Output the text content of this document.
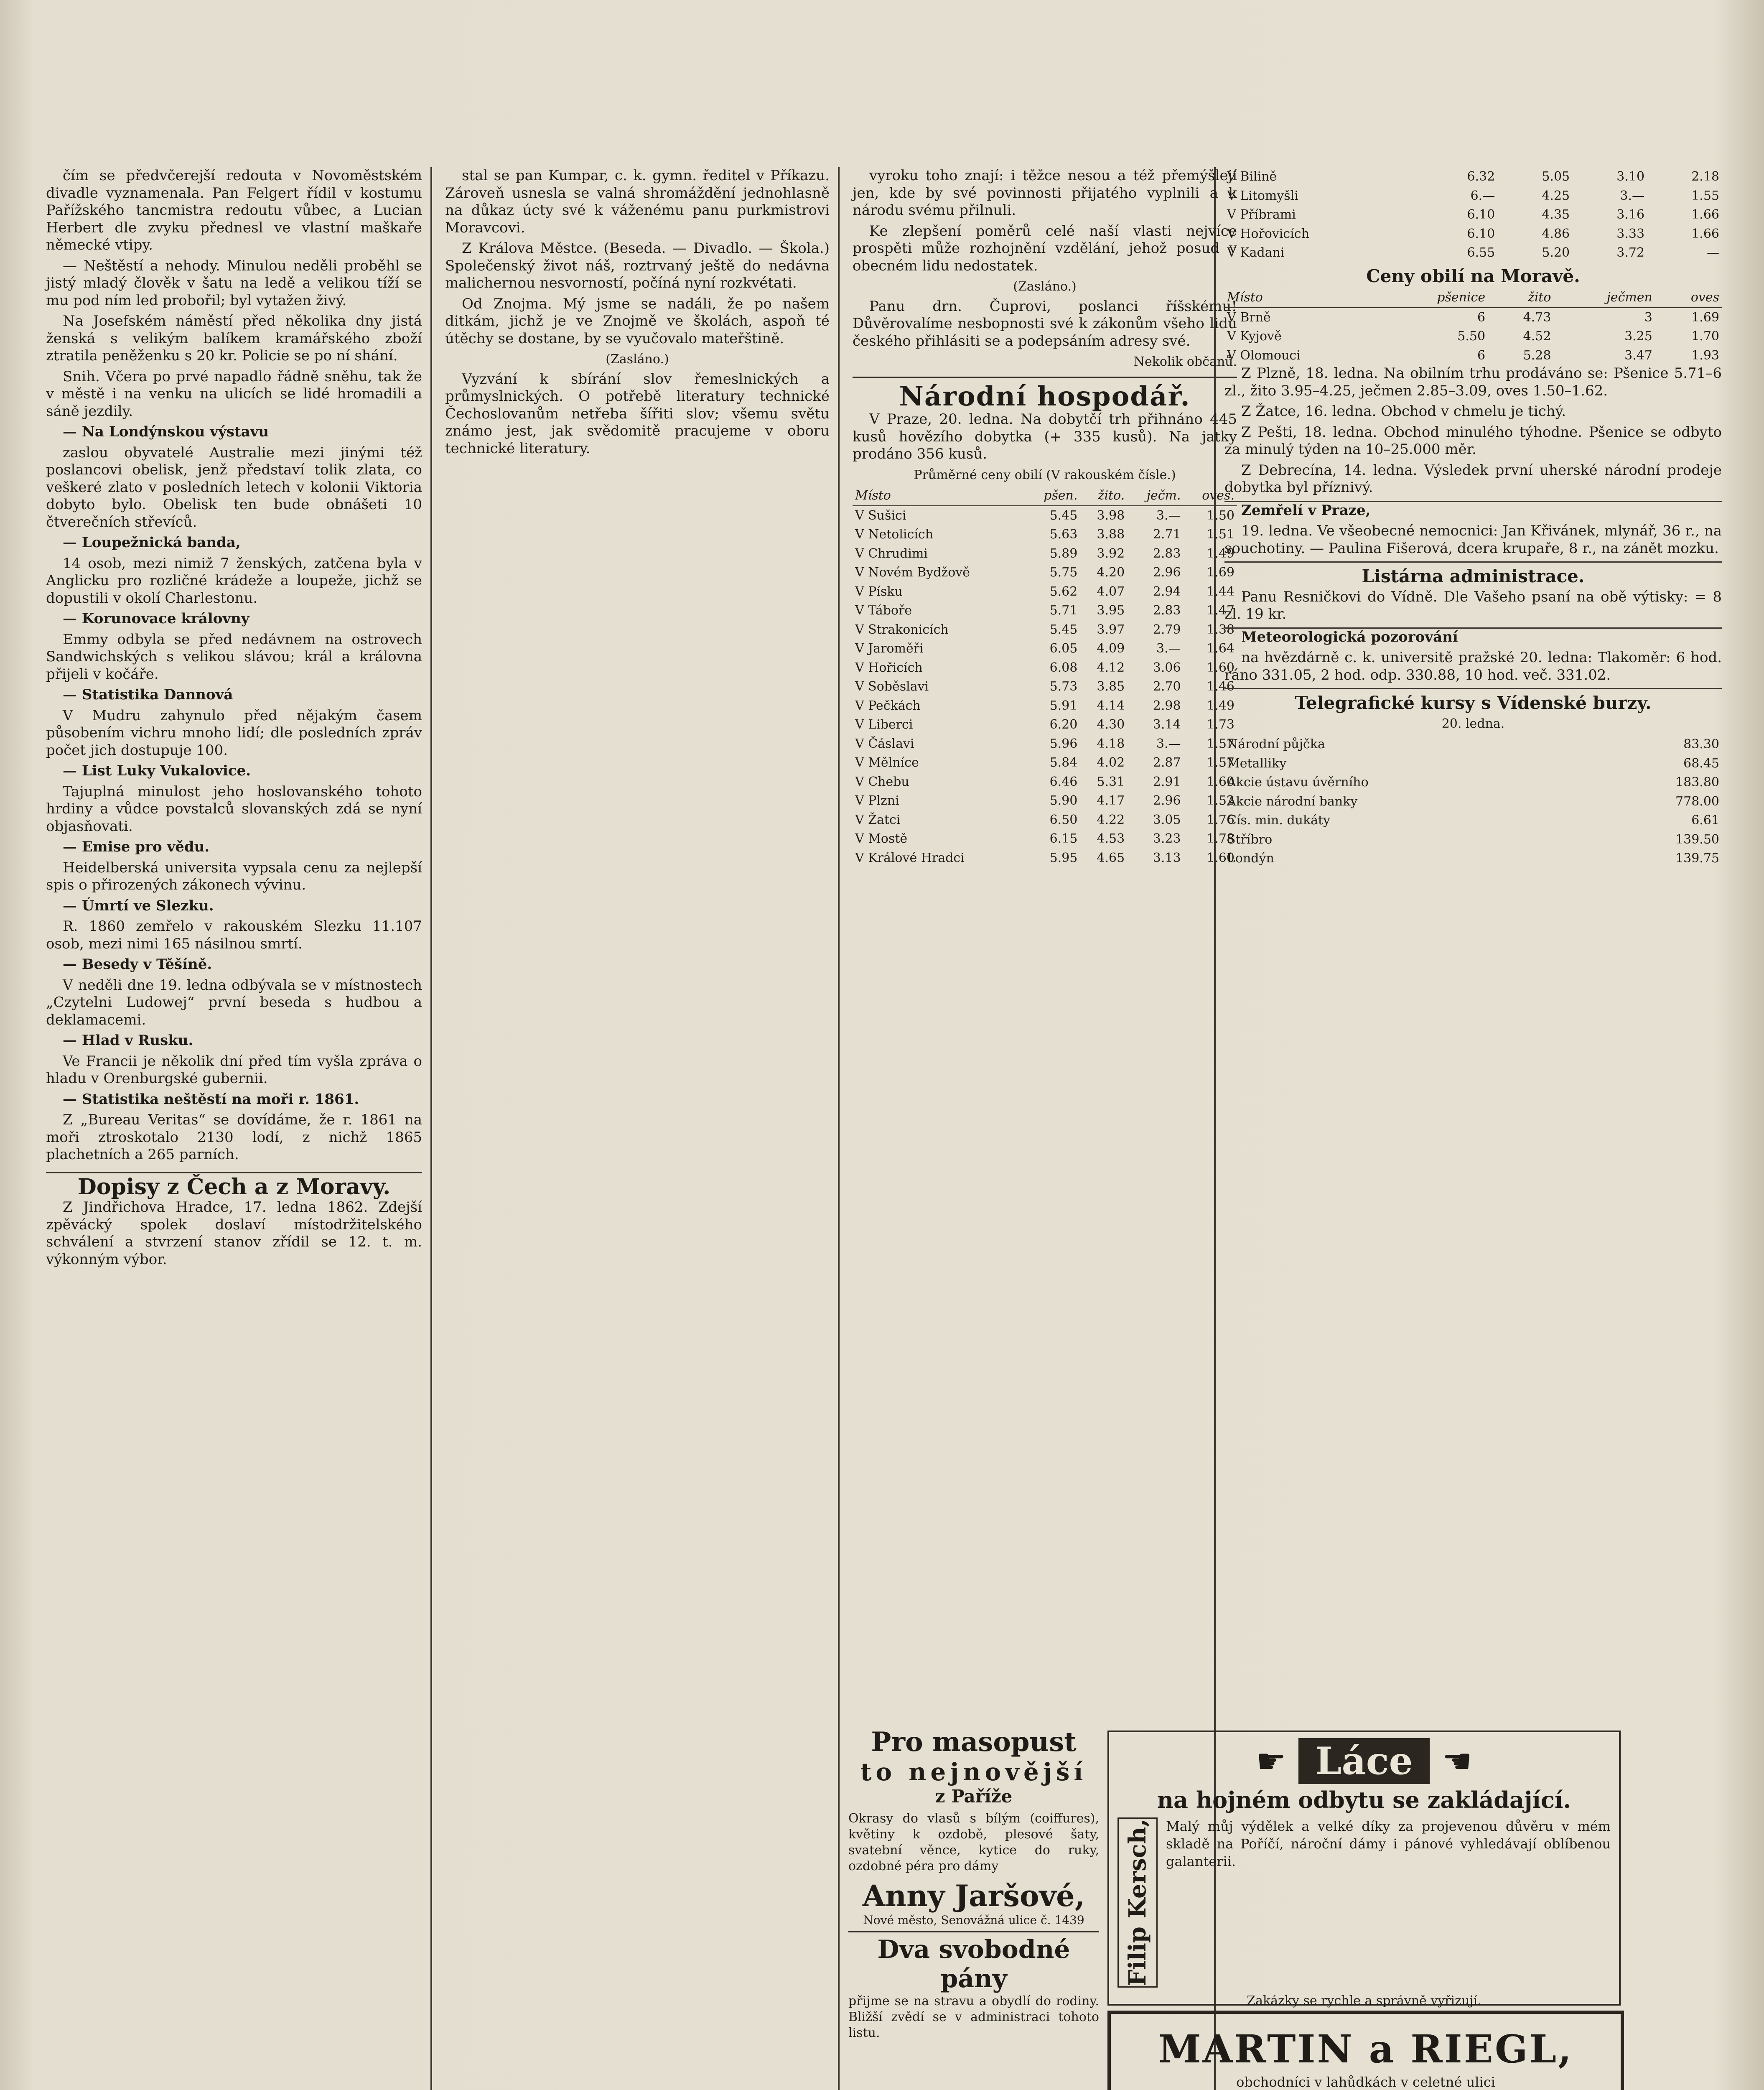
čím se předvčerejší redouta v Novoměstském divadle vyznamenala. Pan Felgert řídil v kostumu Pařížského tancmistra redoutu vůbec, a Lucian Herbert dle zvyku přednesl ve vlastní maškaře německé vtipy.

— Neštěstí a nehody. Minulou neděli proběhl se jistý mladý člověk v šatu na ledě a velikou tíží se mu pod ním led probořil; byl vytažen živý.

Na Josefském náměstí před několika dny jistá ženská s velikým balíkem kramářského zboží ztratila peněženku s 20 kr. Policie se po ní shání.

Snih. Včera po prvé napadlo řádně sněhu, tak že v městě i na venku na ulicích se lidé hromadili a sáně jezdily.

— Na Londýnskou výstavu

zaslou obyvatelé Australie mezi jinými též poslancovi obelisk, jenž představí tolik zlata, co veškeré zlato v posledních letech v kolonii Viktoria dobyto bylo. Obelisk ten bude obnášeti 10 čtverečních střevíců.

— Loupežnická banda,

14 osob, mezi nimiž 7 ženských, zatčena byla v Anglicku pro rozličné krádeže a loupeže, jichž se dopustili v okolí Charlestonu.

— Korunovace královny

Emmy odbyla se před nedávnem na ostrovech Sandwichských s velikou slávou; král a královna přijeli v kočáře.

— Statistika Dannová

V Mudru zahynulo před nějakým časem působením vichru mnoho lidí; dle posledních zpráv počet jich dostupuje 100.

— List Luky Vukalovice.

Tajuplná minulost jeho hoslovanského tohoto hrdiny a vůdce povstalců slovanských zdá se nyní objasňovati.

— Emise pro vědu.

Heidelberská universita vypsala cenu za nejlepší spis o přirozených zákonech vývinu.

— Úmrtí ve Slezku.

R. 1860 zemřelo v rakouském Slezku 11.107 osob, mezi nimi 165 násilnou smrtí.

— Besedy v Těšíně.

V neděli dne 19. ledna odbývala se v místnostech „Czytelni Ludowej“ první beseda s hudbou a deklamacemi.

— Hlad v Rusku.

Ve Francii je několik dní před tím vyšla zpráva o hladu v Orenburgské gubernii.

— Statistika neštěstí na moři r. 1861.

Z „Bureau Veritas“ se dovídáme, že r. 1861 na moři ztroskotalo 2130 lodí, z nichž 1865 plachetních a 265 parních.

Dopisy z Čech a z Moravy.

Z Jindřichova Hradce, 17. ledna 1862. Zdejší zpěvácký spolek doslaví místodržitelského schválení a stvrzení stanov zřídil se 12. t. m. výkonným výbor.

stal se pan Kumpar, c. k. gymn. ředitel v Příkazu. Zároveň usnesla se valná shromáždění jednohlasně na důkaz úcty své k váženému panu purkmistrovi Moravcovi.

Z Králova Městce. (Beseda. — Divadlo. — Škola.) Společenský život náš, roztrvaný ještě do nedávna malichernou nesvorností, počíná nyní rozkvétati.

Od Znojma. Mý jsme se nadáli, že po našem ditkám, jichž je ve Znojmě ve školách, aspoň té útěchy se dostane, by se vyučovalo mateřštině.

(Zasláno.)

Vyzvání k sbírání slov řemeslnických a průmyslnických. O potřebě literatury technické Čechoslovanům netřeba šířiti slov; všemu světu známo jest, jak svědomitě pracujeme v oboru technické literatury.

vyroku toho znají: i těžce nesou a též přemýšlejí jen, kde by své povinnosti přijatého vyplnili a k národu svému přilnuli.

Ke zlepšení poměrů celé naší vlasti nejvíce prospěti může rozhojnění vzdělání, jehož posud v obecném lidu nedostatek.

(Zasláno.)

Panu drn. Čuprovi, poslanci říšskému! Důvěrovalíme nesbopnosti své k zákonům všeho lidu českého přihlásiti se a podepsáním adresy své.

Nekolik občanů.
Národní hospodář.

V Praze, 20. ledna. Na dobytčí trh přihnáno 445 kusů hovězího dobytka (+ 335 kusů). Na jatky prodáno 356 kusů.

Průměrné ceny obilí (V rakouském čísle.)
Místo	pšen.	žito.	ječm.	oves.
V Sušici	5.45	3.98	3.—	1.50
V Netolicích	5.63	3.88	2.71	1.51
V Chrudimi	5.89	3.92	2.83	1.49
V Novém Bydžově	5.75	4.20	2.96	1.69
V Písku	5.62	4.07	2.94	1.44
V Táboře	5.71	3.95	2.83	1.47
V Strakonicích	5.45	3.97	2.79	1.38
V Jaroměři	6.05	4.09	3.—	1.64
V Hořicích	6.08	4.12	3.06	1.60
V Soběslavi	5.73	3.85	2.70	1.46
V Pečkách	5.91	4.14	2.98	1.49
V Liberci	6.20	4.30	3.14	1.73
V Čáslavi	5.96	4.18	3.—	1.57
V Mělníce	5.84	4.02	2.87	1.57
V Chebu	6.46	5.31	2.91	1.60
V Plzni	5.90	4.17	2.96	1.52
V Žatci	6.50	4.22	3.05	1.76
V Mostě	6.15	4.53	3.23	1.78
V Králové Hradci	5.95	4.65	3.13	1.60
V Bilině	6.32	5.05	3.10	2.18
V Litomyšli	6.—	4.25	3.—	1.55
V Příbrami	6.10	4.35	3.16	1.66
V Hořovicích	6.10	4.86	3.33	1.66
V Kadani	6.55	5.20	3.72	—
Ceny obilí na Moravě.
Místo	pšenice	žito	ječmen	oves
V Brně	6	4.73	3	1.69
V Kyjově	5.50	4.52	3.25	1.70
V Olomouci	6	5.28	3.47	1.93

Z Plzně, 18. ledna. Na obilním trhu prodáváno se: Pšenice 5.71–6 zl., žito 3.95–4.25, ječmen 2.85–3.09, oves 1.50–1.62.

Z Žatce, 16. ledna. Obchod v chmelu je tichý.

Z Pešti, 18. ledna. Obchod minulého týhodne. Pšenice se odbyto za minulý týden na 10–25.000 měr.

Z Debrecína, 14. ledna. Výsledek první uherské národní prodeje dobytka byl příznivý.

Zemřelí v Praze,

19. ledna. Ve všeobecné nemocnici: Jan Křivánek, mlynář, 36 r., na souchotiny. — Paulina Fišerová, dcera krupaře, 8 r., na zánět mozku.

Listárna administrace.

Panu Resničkovi do Vídně. Dle Vašeho psaní na obě výtisky: = 8 zl. 19 kr.

Meteorologická pozorování

na hvězdárně c. k. universitě pražské 20. ledna: Tlakoměr: 6 hod. ráno 331.05, 2 hod. odp. 330.88, 10 hod. več. 331.02.

Telegrafické kursy s Vídenské burzy.
20. ledna.
Národní půjčka	83.30
Metalliky	68.45
Akcie ústavu úvěrního	183.80
Akcie národní banky	778.00
Cís. min. dukáty	6.61
Stříbro	139.50
Londýn	139.75
Pro masopust
to nejnovější
z Paříže
Okrasy do vlasů s bílým (coiffures), květiny k ozdobě, plesové šaty, svatební věnce, kytice do ruky, ozdobné péra pro dámy
Anny Jaršové,
Nové město, Senovážná ulice č. 1439
Dva svobodné pány
přijme se na stravu a obydlí do rodiny. Bližší zvědí se v administraci tohoto listu.
☛ Láce ☛
na hojném odbytu se zakládající.
Filip Kersch, Malý můj výdělek a velké díky za projevenou důvěru v mém skladě na Poříčí, nároční dámy i pánové vyhledávají oblíbenou galanterii.
Zakázky se rychle a správně vyřizují.
MARTIN a RIEGL,
obchodníci v lahůdkách v celetné ulici
